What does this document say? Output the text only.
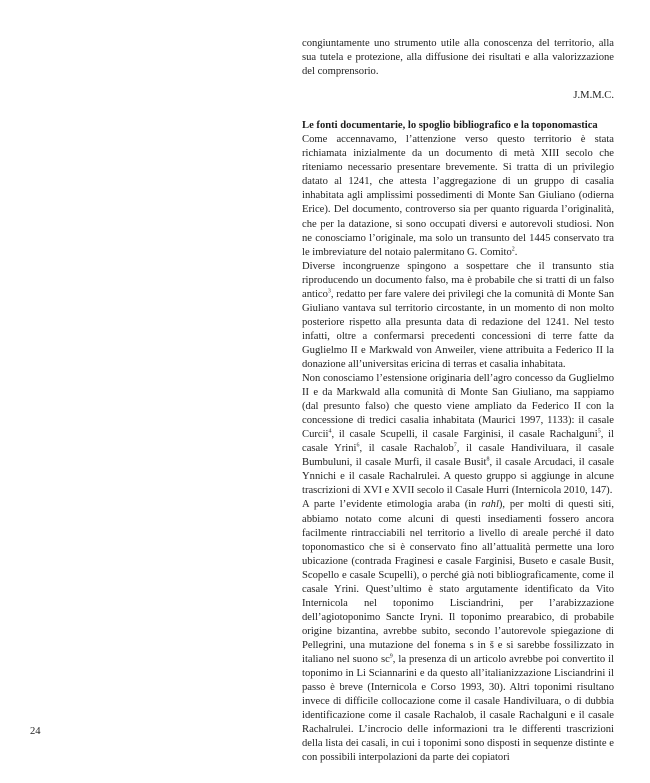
congiuntamente uno strumento utile alla conoscenza del territorio, alla sua tutela e protezione, alla diffusione dei risultati e alla valorizzazione del comprensorio.

J.M.M.C.

Le fonti documentarie, lo spoglio bibliografico e la toponomastica

Come accennavamo, l’attenzione verso questo territorio è stata richiamata inizialmente da un documento di metà XIII secolo che riteniamo necessario presentare brevemente. Si tratta di un privilegio datato al 1241, che attesta l’aggregazione di un gruppo di casalia inhabitata agli amplissimi possedimenti di Monte San Giuliano (odierna Erice). Del documento, controverso sia per quanto riguarda l’originalità, che per la datazione, si sono occupati diversi e autorevoli studiosi. Non ne conosciamo l’originale, ma solo un transunto del 1445 conservato tra le imbreviature del notaio palermitano G. Comito$^2$.

Diverse incongruenze spingono a sospettare che il transunto stia riproducendo un documento falso, ma è probabile che si tratti di un falso antico$^3$, redatto per fare valere dei privilegi che la comunità di Monte San Giuliano vantava sul territorio circostante, in un momento di non molto posteriore rispetto alla presunta data di redazione del 1241. Nel testo infatti, oltre a confermarsi precedenti concessioni di terre fatte da Guglielmo II e Markwald von Anweiler, viene attribuita a Federico II la donazione all’universitas ericina di terras et casalia inhabitata.

Non conosciamo l’estensione originaria dell’agro concesso da Guglielmo II e da Markwald alla comunità di Monte San Giuliano, ma sappiamo (dal presunto falso) che questo viene ampliato da Federico II con la concessione di tredici casalia inhabitata (Maurici 1997, 1133): il casale Curcii$^4$, il casale Scupelli, il casale Farginisi, il casale Rachalguni$^5$, il casale Yrini$^6$, il casale Rachalob$^7$, il casale Handiviluara, il casale Bumbuluni, il casale Murfi, il casale Busit$^8$, il casale Arcudaci, il casale Ynnichi e il casale Rachalrulei. A questo gruppo si aggiunge in alcune trascrizioni di XVI e XVII secolo il Casale Hurri (Internicola 2010, 147).

A parte l’evidente etimologia araba (in rahl), per molti di questi siti, abbiamo notato come alcuni di questi insediamenti fossero ancora facilmente rintracciabili nel territorio a livello di areale perché il dato toponomastico che si è conservato fino all’attualità permette una loro ubicazione (contrada Fraginesi e casale Farginisi, Buseto e casale Busit, Scopello e casale Scupelli), o perché già noti bibliograficamente, come il casale Yrini. Quest’ultimo è stato argutamente identificato da Vito Internicola nel toponimo Lisciandrini, per l’arabizzazione dell’agiotoponimo Sancte Iryni. Il toponimo prearabico, di probabile origine bizantina, avrebbe subito, secondo l’autorevole spiegazione di Pellegrini, una mutazione del fonema s in š e si sarebbe fossilizzato in italiano nel suono $sc^9$, la presenza di un articolo avrebbe poi convertito il toponimo in Li Sciannarini e da questo all’italianizzazione Lisciandrini il passo è breve (Internicola e Corso 1993, 30). Altri toponimi risultano invece di difficile collocazione come il casale Handiviluara, o di dubbia identificazione come il casale Rachalob, il casale Rachalguni e il casale Rachalrulei. L’incrocio delle informazioni tra le differenti trascrizioni della lista dei casali, in cui i toponimi sono disposti in sequenze distinte e con possibili interpolazioni da parte dei copiatori

24
